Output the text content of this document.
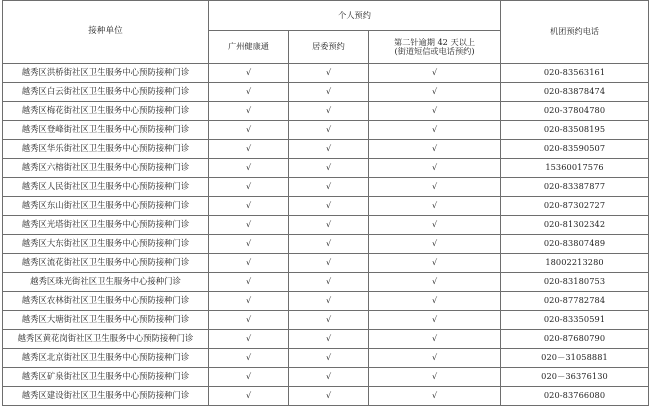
接种单位	个人预约			机团预约电话
	广州健康通	居委预约	第二针逾期 42 天以上
(街道短信或电话预约)	

越秀区洪桥街社区卫生服务中心预防接种门诊	√	√	√	020-83563161
越秀区白云街社区卫生服务中心预防接种门诊	√	√	√	020-83878474
越秀区梅花街社区卫生服务中心预防接种门诊	√	√	√	020-37804780
越秀区登峰街社区卫生服务中心预防接种门诊	√	√	√	020-83508195
越秀区华乐街社区卫生服务中心预防接种门诊	√	√	√	020-83590507
越秀区六榕街社区卫生服务中心预防接种门诊	√	√	√	15360017576
越秀区人民街社区卫生服务中心预防接种门诊	√	√	√	020-83387877
越秀区东山街社区卫生服务中心预防接种门诊	√	√	√	020-87302727
越秀区光塔街社区卫生服务中心预防接种门诊	√	√	√	020-81302342
越秀区大东街社区卫生服务中心预防接种门诊	√	√	√	020-83807489
越秀区流花街社区卫生服务中心预防接种门诊	√	√	√	18002213280
越秀区珠光街社区卫生服务中心接种门诊	√	√	√	020-83180753
越秀区农林街社区卫生服务中心预防接种门诊	√	√	√	020-87782784
越秀区大塘街社区卫生服务中心预防接种门诊	√	√	√	020-83350591
越秀区黄花岗街社区卫生服务中心预防接种门诊	√	√	√	020-87680790
越秀区北京街社区卫生服务中心预防接种门诊	√	√	√	020－31058881
越秀区矿泉街社区卫生服务中心预防接种门诊	√	√	√	020－36376130
越秀区建设街社区卫生服务中心预防接种门诊	√	√	√	020-83766080
